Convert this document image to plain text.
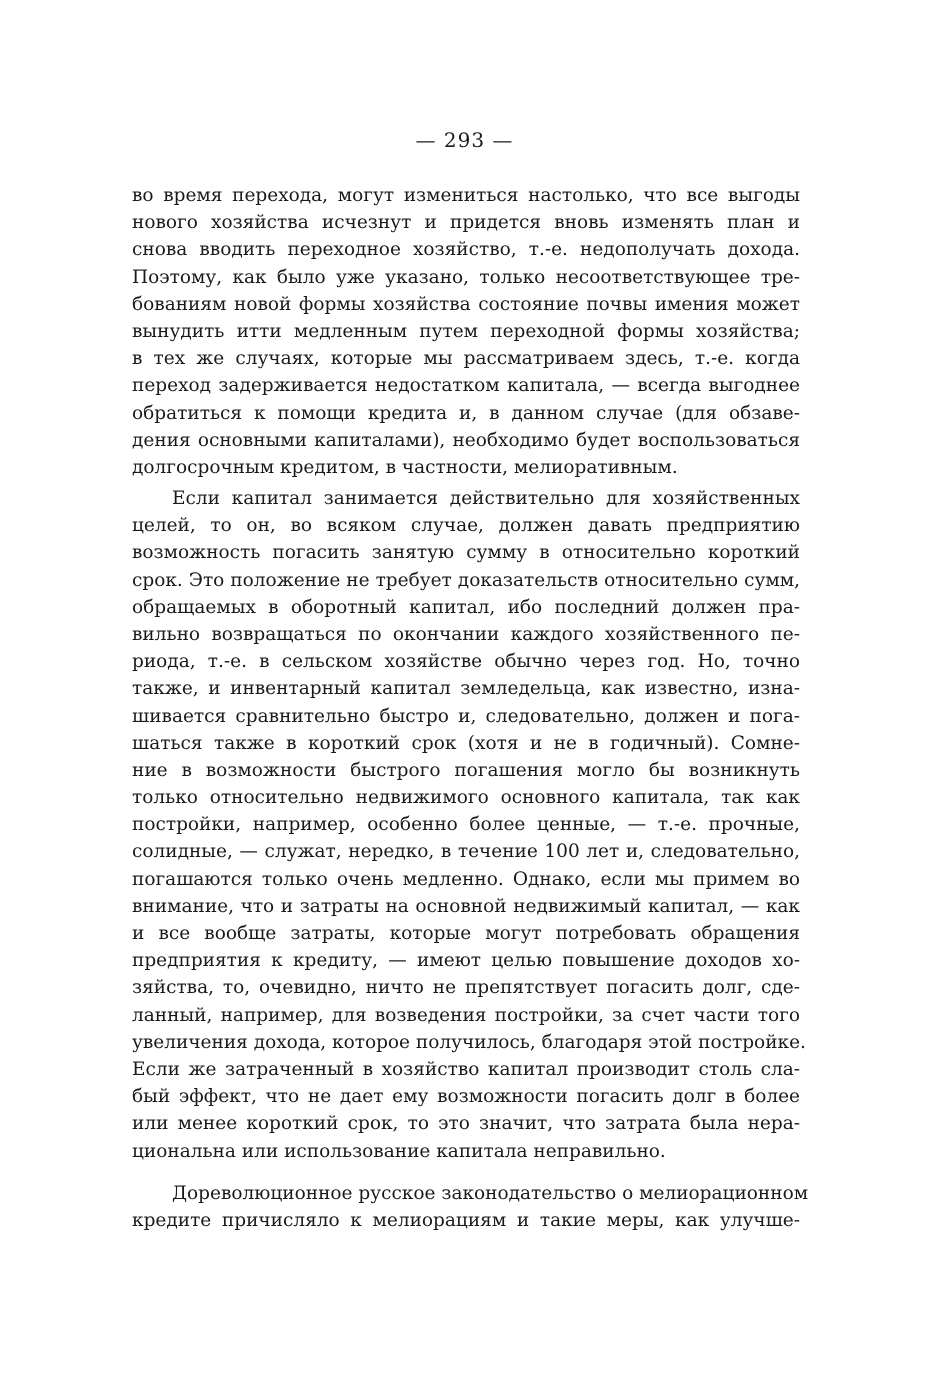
— 293 —
во время перехода, могут измениться настолько, что все выгоды
нового хозяйства исчезнут и придется вновь изменять план и
снова вводить переходное хозяйство, т.-е. недополучать дохода.
Поэтому, как было уже указано, только несоответствующее тре-
бованиям новой формы хозяйства состояние почвы имения может
вынудить итти медленным путем переходной формы хозяйства;
в тех же случаях, которые мы рассматриваем здесь, т.-е. когда
переход задерживается недостатком капитала, — всегда выгоднее
обратиться к помощи кредита и, в данном случае (для обзаве-
дения основными капиталами), необходимо будет воспользоваться
долгосрочным кредитом, в частности, мелиоративным.
Если капитал занимается действительно для хозяйственных
целей, то он, во всяком случае, должен давать предприятию
возможность погасить занятую сумму в относительно короткий
срок. Это положение не требует доказательств относительно сумм,
обращаемых в оборотный капитал, ибо последний должен пра-
вильно возвращаться по окончании каждого хозяйственного пе-
риода, т.-е. в сельском хозяйстве обычно через год. Но, точно
также, и инвентарный капитал земледельца, как известно, изна-
шивается сравнительно быстро и, следовательно, должен и пога-
шаться также в короткий срок (хотя и не в годичный). Сомне-
ние в возможности быстрого погашения могло бы возникнуть
только относительно недвижимого основного капитала, так как
постройки, например, особенно более ценные, — т.-е. прочные,
солидные, — служат, нередко, в течение 100 лет и, следовательно,
погашаются только очень медленно. Однако, если мы примем во
внимание, что и затраты на основной недвижимый капитал, — как
и все вообще затраты, которые могут потребовать обращения
предприятия к кредиту, — имеют целью повышение доходов хо-
зяйства, то, очевидно, ничто не препятствует погасить долг, сде-
ланный, например, для возведения постройки, за счет части того
увеличения дохода, которое получилось, благодаря этой постройке.
Если же затраченный в хозяйство капитал производит столь сла-
бый эффект, что не дает ему возможности погасить долг в более
или менее короткий срок, то это значит, что затрата была нера-
циональна или использование капитала неправильно.
Дореволюционное русское законодательство о мелиорационном
кредите причисляло к мелиорациям и такие меры, как улучше-
